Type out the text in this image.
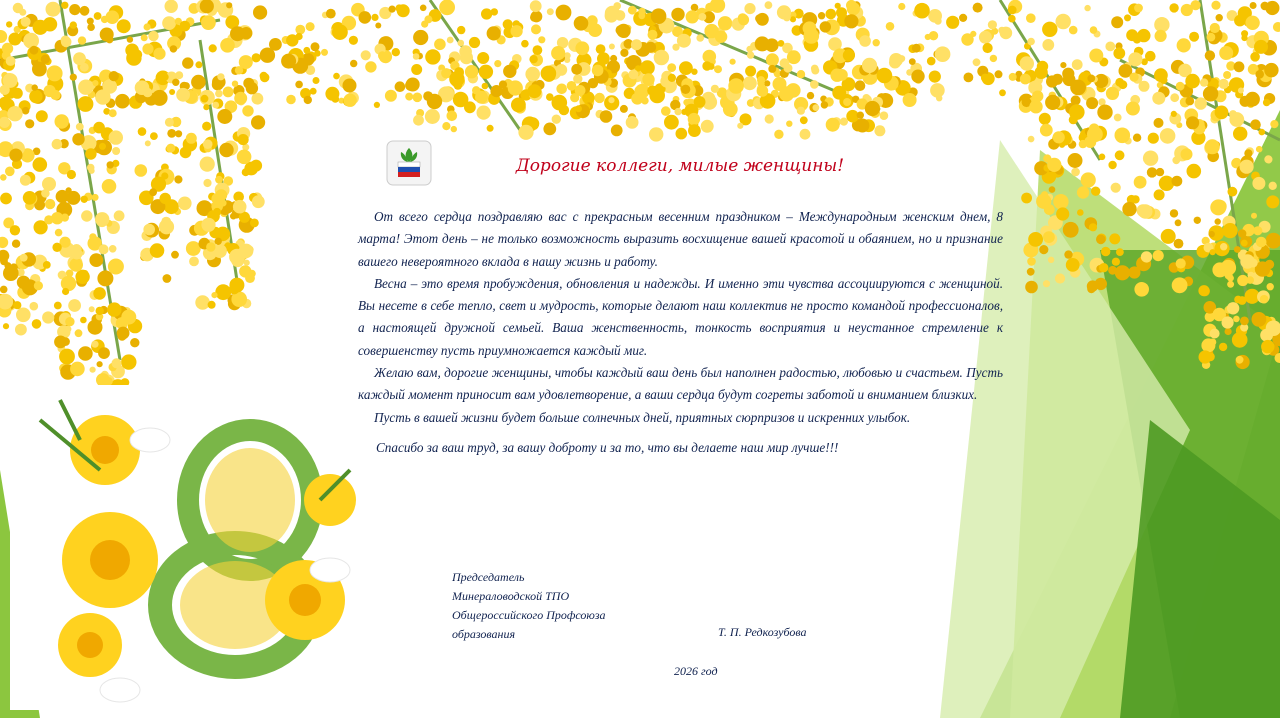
Дорогие коллеги, милые женщины!

От всего сердца поздравляю вас с прекрасным весенним праздником – Международным женским днем, 8 марта! Этот день – не только возможность выразить восхищение вашей красотой и обаянием, но и признание вашего невероятного вклада в нашу жизнь и работу.

Весна – это время пробуждения, обновления и надежды. И именно эти чувства ассоциируются с женщиной. Вы несете в себе тепло, свет и мудрость, которые делают наш коллектив не просто командой профессионалов, а настоящей дружной семьей. Ваша женственность, тонкость восприятия и неустанное стремление к совершенству пусть приумножается каждый миг.

Желаю вам, дорогие женщины, чтобы каждый ваш день был наполнен радостью, любовью и счастьем. Пусть каждый момент приносит вам удовлетворение, а ваши сердца будут согреты заботой и вниманием близких.

Пусть в вашей жизни будет больше солнечных дней, приятных сюрпризов и искренних улыбок.

Спасибо за ваш труд, за вашу доброту и за то, что вы делаете наш мир лучше!!!

Председатель
Минераловодской ТПО
Общероссийского Профсоюза
образования	Т. П. Редкозубова
2026 год
